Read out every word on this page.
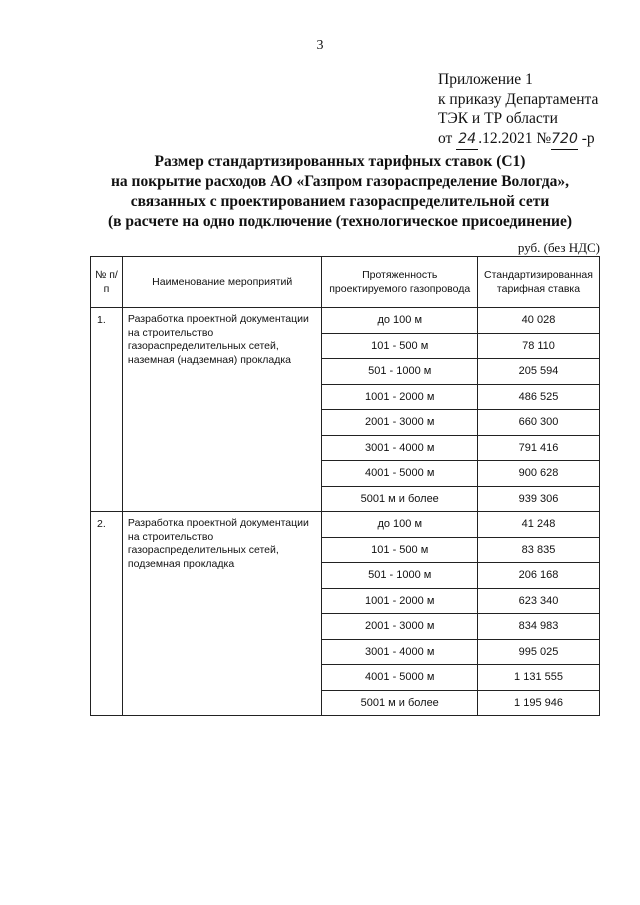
3
Приложение 1
к приказу Департамента
ТЭК и ТР области
от 24 .12.2021 №720 -р
Размер стандартизированных тарифных ставок (С1)
на покрытие расходов АО «Газпром газораспределение Вологда»,
связанных с проектированием газораспределительной сети
(в расчете на одно подключение (технологическое присоединение)
руб. (без НДС)
№ п/п	Наименование мероприятий	Протяженность проектируемого газопровода	Стандартизированная тарифная ставка
1.	Разработка проектной документации на строительство газораспределительных сетей, наземная (надземная) прокладка	до 100 м	40 028
		101 - 500 м	78 110
		501 - 1000 м	205 594
		1001 - 2000 м	486 525
		2001 - 3000 м	660 300
		3001 - 4000 м	791 416
		4001 - 5000 м	900 628
		5001 м и более	939 306
2.	Разработка проектной документации на строительство газораспределительных сетей, подземная прокладка	до 100 м	41 248
		101 - 500 м	83 835
		501 - 1000 м	206 168
		1001 - 2000 м	623 340
		2001 - 3000 м	834 983
		3001 - 4000 м	995 025
		4001 - 5000 м	1 131 555
		5001 м и более	1 195 946
